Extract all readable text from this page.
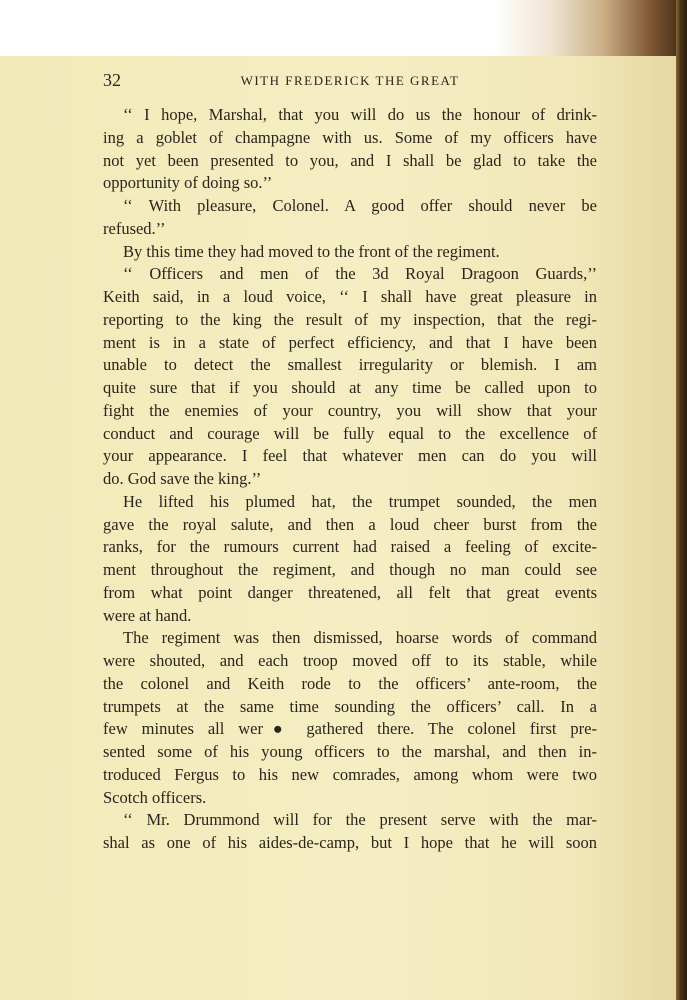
32	WITH FREDERICK THE GREAT
‘‘ I hope, Marshal, that you will do us the honour of drink-
ing a goblet of champagne with us. Some of my officers have
not yet been presented to you, and I shall be glad to take the
opportunity of doing so.’’
‘‘ With pleasure, Colonel. A good offer should never be
refused.’’
By this time they had moved to the front of the regiment.
‘‘ Officers and men of the 3d Royal Dragoon Guards,’’
Keith said, in a loud voice, ‘‘ I shall have great pleasure in
reporting to the king the result of my inspection, that the regi-
ment is in a state of perfect efficiency, and that I have been
unable to detect the smallest irregularity or blemish. I am
quite sure that if you should at any time be called upon to
fight the enemies of your country, you will show that your
conduct and courage will be fully equal to the excellence of
your appearance. I feel that whatever men can do you will
do. God save the king.’’
He lifted his plumed hat, the trumpet sounded, the men
gave the royal salute, and then a loud cheer burst from the
ranks, for the rumours current had raised a feeling of excite-
ment throughout the regiment, and though no man could see
from what point danger threatened, all felt that great events
were at hand.
The regiment was then dismissed, hoarse words of command
were shouted, and each troop moved off to its stable, while
the colonel and Keith rode to the officers’ ante-room, the
trumpets at the same time sounding the officers’ call. In a
few minutes all wer● gathered there. The colonel first pre-
sented some of his young officers to the marshal, and then in-
troduced Fergus to his new comrades, among whom were two
Scotch officers.
‘‘ Mr. Drummond will for the present serve with the mar-
shal as one of his aides-de-camp, but I hope that he will soon
